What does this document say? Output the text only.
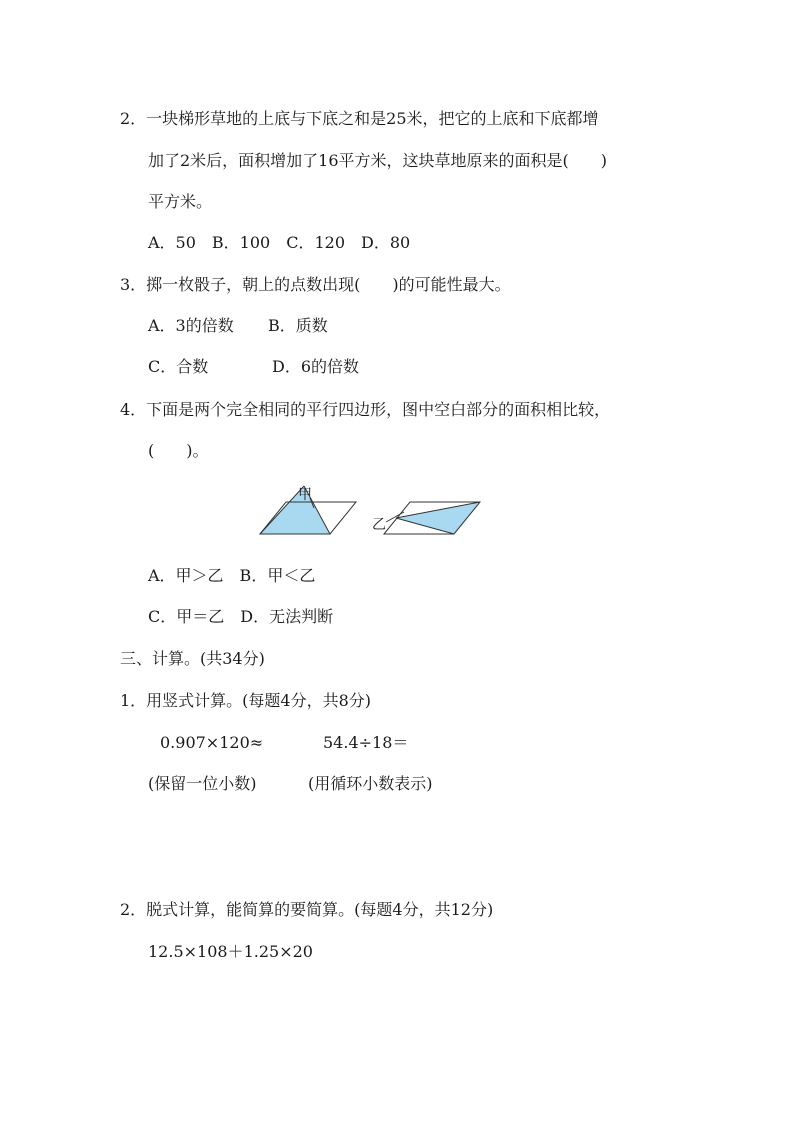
2．一块梯形草地的上底与下底之和是25米，把它的上底和下底都增
加了2米后，面积增加了16平方米，这块草地原来的面积是(　　)
平方米。
A．50　B．100　C．120　D．80
3．掷一枚骰子，朝上的点数出现(　　)的可能性最大。
A．3的倍数 B．质数
C．合数	D．6的倍数
4．下面是两个完全相同的平行四边形，图中空白部分的面积相比较，
(　　)。
甲
乙
A．甲＞乙　B．甲＜乙
C．甲＝乙　D．无法判断
三、计算。(共34分)
1．用竖式计算。(每题4分，共8分)
0.907×120≈	54.4÷18＝
(保留一位小数)	(用循环小数表示)
2．脱式计算，能简算的要简算。(每题4分，共12分)
12.5×108＋1.25×20
